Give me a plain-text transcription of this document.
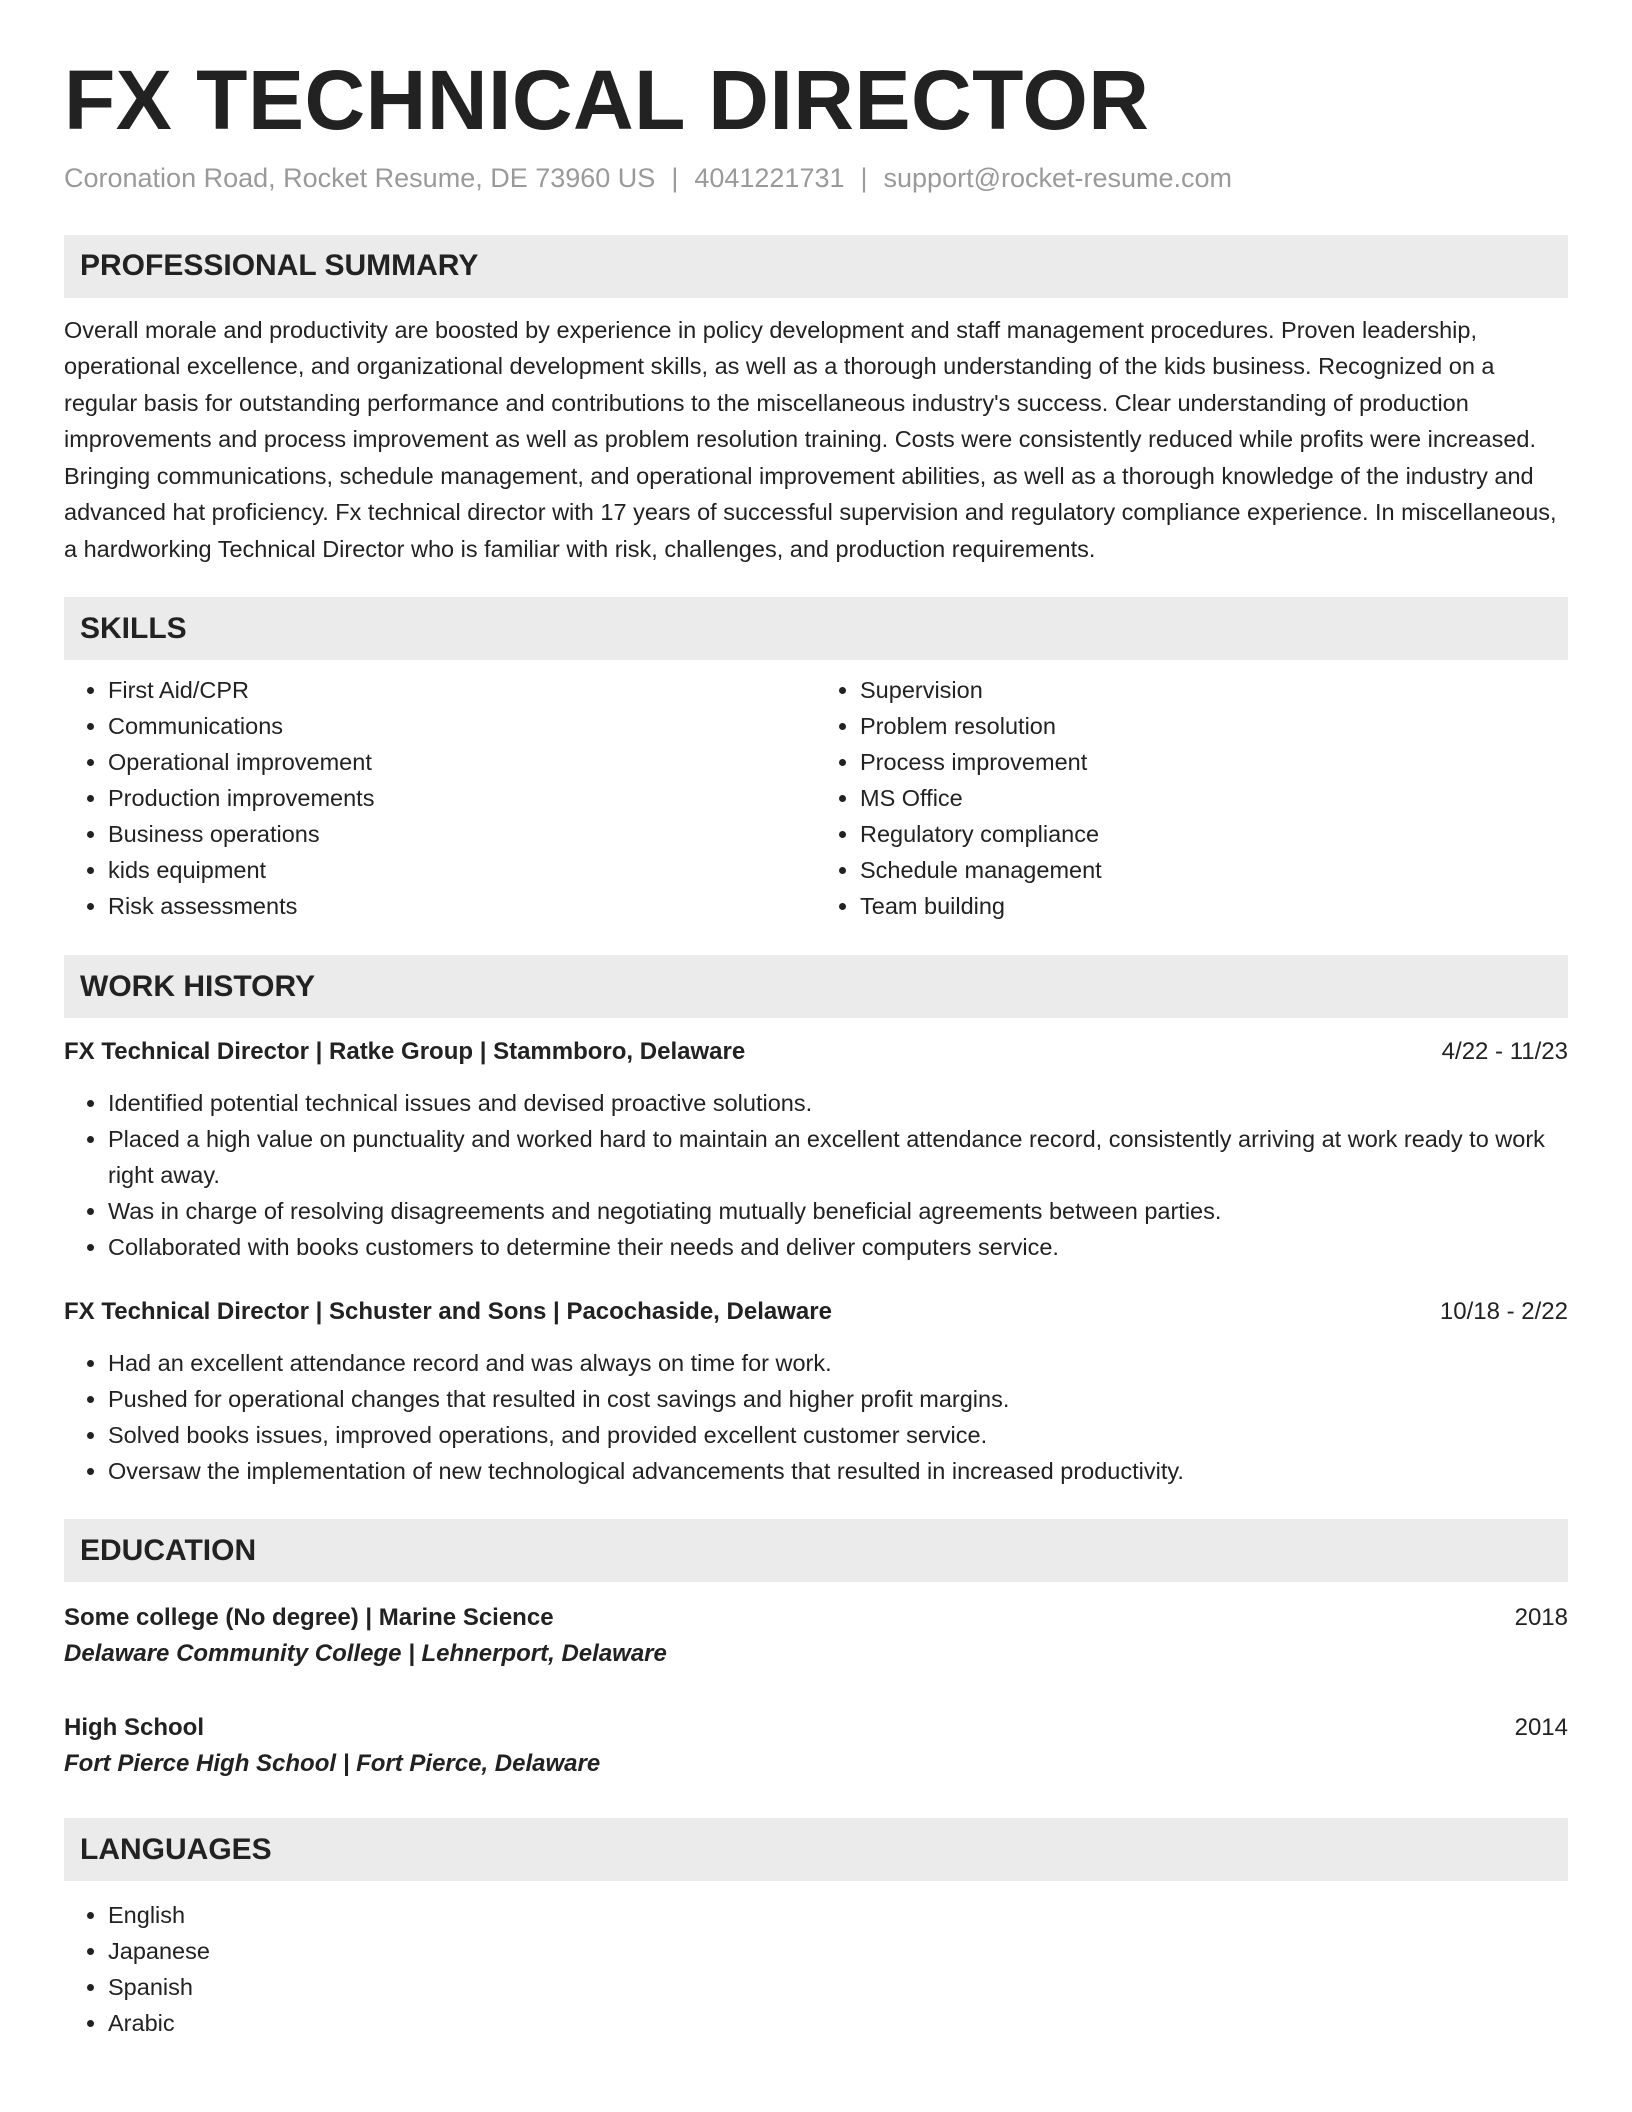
FX TECHNICAL DIRECTOR
Coronation Road, Rocket Resume, DE 73960 US | 4041221731 | support@rocket-resume.com
PROFESSIONAL SUMMARY

Overall morale and productivity are boosted by experience in policy development and staff management procedures. Proven leadership, operational excellence, and organizational development skills, as well as a thorough understanding of the kids business. Recognized on a regular basis for outstanding performance and contributions to the miscellaneous industry's success. Clear understanding of production improvements and process improvement as well as problem resolution training. Costs were consistently reduced while profits were increased. Bringing communications, schedule management, and operational improvement abilities, as well as a thorough knowledge of the industry and advanced hat proficiency. Fx technical director with 17 years of successful supervision and regulatory compliance experience. In miscellaneous, a hardworking Technical Director who is familiar with risk, challenges, and production requirements.

SKILLS
• First Aid/CPR
• Communications
• Operational improvement
• Production improvements
• Business operations
• kids equipment
• Risk assessments
• Supervision
• Problem resolution
• Process improvement
• MS Office
• Regulatory compliance
• Schedule management
• Team building
WORK HISTORY
FX Technical Director | Ratke Group | Stammboro, Delaware	4/22 - 11/23
• Identified potential technical issues and devised proactive solutions.
• Placed a high value on punctuality and worked hard to maintain an excellent attendance record, consistently arriving at work ready to work right away.
• Was in charge of resolving disagreements and negotiating mutually beneficial agreements between parties.
• Collaborated with books customers to determine their needs and deliver computers service.
FX Technical Director | Schuster and Sons | Pacochaside, Delaware	10/18 - 2/22
• Had an excellent attendance record and was always on time for work.
• Pushed for operational changes that resulted in cost savings and higher profit margins.
• Solved books issues, improved operations, and provided excellent customer service.
• Oversaw the implementation of new technological advancements that resulted in increased productivity.
EDUCATION
Some college (No degree) | Marine Science	2018
Delaware Community College | Lehnerport, Delaware
High School	2014
Fort Pierce High School | Fort Pierce, Delaware
LANGUAGES
• English
• Japanese
• Spanish
• Arabic
